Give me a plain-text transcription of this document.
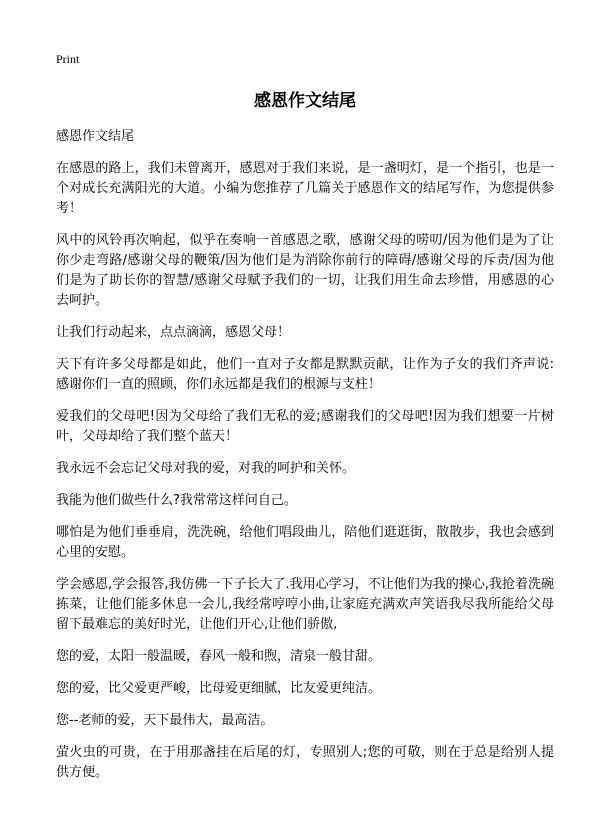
Print
感恩作文结尾

感恩作文结尾

在感恩的路上，我们未曾离开，感恩对于我们来说，是一盏明灯，是一个指引，也是一个对成长充满阳光的大道。小编为您推荐了几篇关于感恩作文的结尾写作，为您提供参考！

风中的风铃再次响起，似乎在奏响一首感恩之歌，感谢父母的唠叨/因为他们是为了让你少走弯路/感谢父母的鞭策/因为他们是为消除你前行的障碍/感谢父母的斥责/因为他们是为了助长你的智慧/感谢父母赋予我们的一切，让我们用生命去珍惜，用感恩的心去呵护。

让我们行动起来，点点滴滴，感恩父母！

天下有许多父母都是如此，他们一直对子女都是默默贡献，让作为子女的我们齐声说:感谢你们一直的照顾，你们永远都是我们的根源与支柱！

爱我们的父母吧!因为父母给了我们无私的爱;感谢我们的父母吧!因为我们想要一片树叶，父母却给了我们整个蓝天！

我永远不会忘记父母对我的爱，对我的呵护和关怀。

我能为他们做些什么?我常常这样问自己。

哪怕是为他们垂垂肩，洗洗碗，给他们唱段曲儿，陪他们逛逛街，散散步，我也会感到心里的安慰。

学会感恩,学会报答,我仿佛一下子长大了.我用心学习，不让他们为我的操心,我抢着洗碗拣菜，让他们能多休息一会儿,我经常哼哼小曲,让家庭充满欢声笑语我尽我所能给父母留下最难忘的美好时光，让他们开心,让他们骄傲,

您的爱，太阳一般温暖，春风一般和煦，清泉一般甘甜。

您的爱，比父爱更严峻，比母爱更细腻，比友爱更纯洁。

您--老师的爱，天下最伟大，最高洁。

萤火虫的可贵，在于用那盏挂在后尾的灯，专照别人;您的可敬，则在于总是给别人提供方便。
